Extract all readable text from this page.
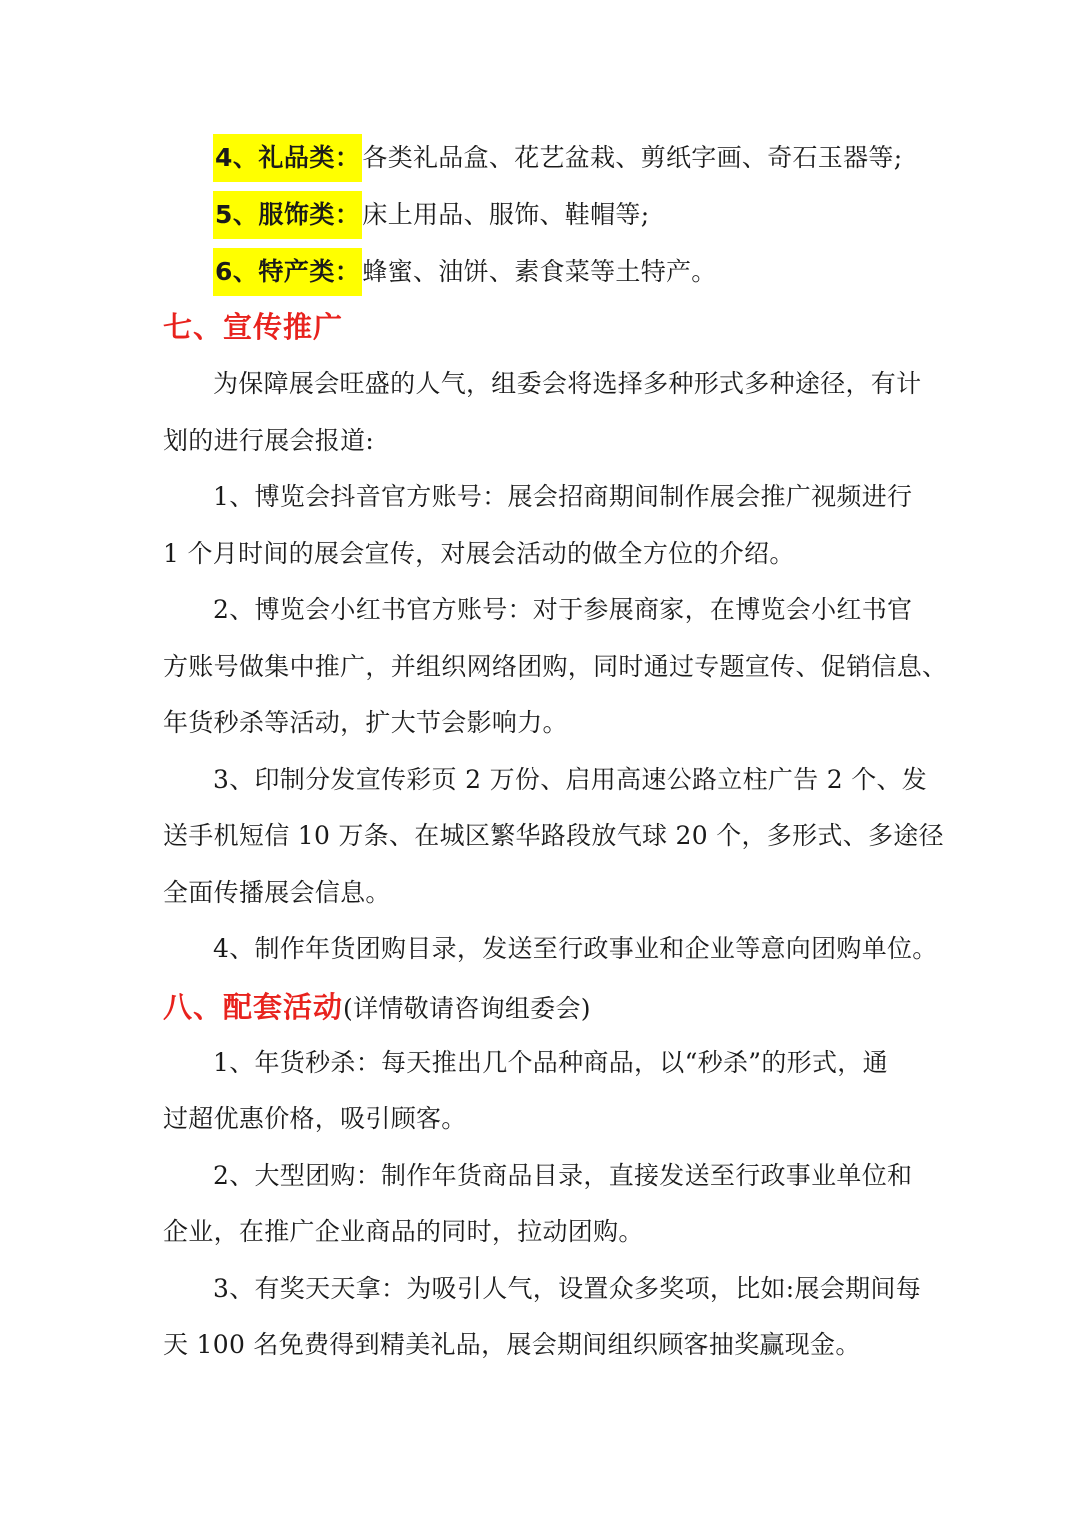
4、礼品类：各类礼品盒、花艺盆栽、剪纸字画、奇石玉器等;
5、服饰类：床上用品、服饰、鞋帽等;
6、特产类：蜂蜜、油饼、素食菜等土特产。
七、宣传推广
为保障展会旺盛的人气，组委会将选择多种形式多种途径，有计
划的进行展会报道:
1、博览会抖音官方账号：展会招商期间制作展会推广视频进行
1 个月时间的展会宣传，对展会活动的做全方位的介绍。
2、博览会小红书官方账号：对于参展商家，在博览会小红书官
方账号做集中推广，并组织网络团购，同时通过专题宣传、促销信息、
年货秒杀等活动，扩大节会影响力。
3、印制分发宣传彩页 2 万份、启用高速公路立柱广告 2 个、发
送手机短信 10 万条、在城区繁华路段放气球 20 个，多形式、多途径
全面传播展会信息。
4、制作年货团购目录，发送至行政事业和企业等意向团购单位。
八、配套活动(详情敬请咨询组委会)
1、年货秒杀：每天推出几个品种商品，以“秒杀”的形式，通
过超优惠价格，吸引顾客。
2、大型团购：制作年货商品目录，直接发送至行政事业单位和
企业，在推广企业商品的同时，拉动团购。
3、有奖天天拿：为吸引人气，设置众多奖项，比如:展会期间每
天 100 名免费得到精美礼品，展会期间组织顾客抽奖赢现金。
